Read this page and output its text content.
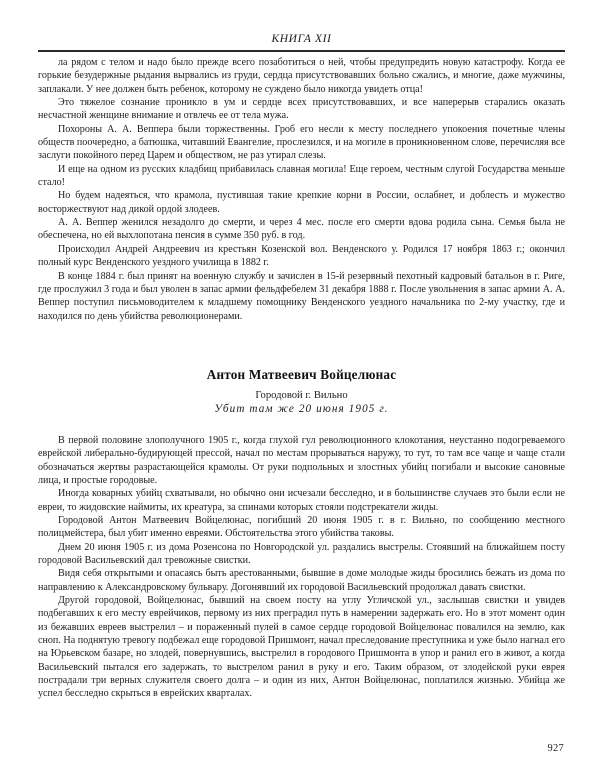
КНИГА XII

ла рядом с телом и надо было прежде всего позаботиться о ней, чтобы предупредить новую катастрофу. Когда ее горькие безудержные рыдания вырвались из груди, сердца присутствовавших больно сжались, и многие, даже мужчины, заплакали. У нее должен быть ребенок, которому не суждено было никогда увидеть отца!

Это тяжелое сознание проникло в ум и сердце всех присутствовавших, и все наперерыв старались оказать несчастной женщине внимание и отвлечь ее от тела мужа.

Похороны А. А. Веппера были торжественны. Гроб его несли к месту последнего упокоения почетные члены обществ поочередно, а батюшка, читавший Евангелие, прослезился, и на могиле в проникновенном слове, перечисляя все заслуги покойного перед Царем и обществом, не раз утирал слезы.

И еще на одном из русских кладбищ прибавилась славная могила! Еще героем, честным слугой Государства меньше стало!

Но будем надеяться, что крамола, пустившая такие крепкие корни в России, ослабнет, и доблесть и мужество восторжествуют над дикой ордой злодеев.

А. А. Веппер женился незадолго до смерти, и через 4 мес. после его смерти вдова родила сына. Семья была не обеспечена, но ей выхлопотана пенсия в сумме 350 руб. в год.

Происходил Андрей Андреевич из крестьян Козенской вол. Венденского у. Родился 17 ноября 1863 г.; окончил полный курс Венденского уездного училища в 1882 г.

В конце 1884 г. был принят на военную службу и зачислен в 15-й резервный пехотный кадровый батальон в г. Риге, где прослужил 3 года и был уволен в запас армии фельдфебелем 31 декабря 1888 г. После увольнения в запас армии А. А. Веппер поступил письмоводителем к младшему помощнику Венденского уездного начальника по 2-му участку, где и находился по день убийства революционерами.

Антон Матвеевич Войцелюнас
Городовой г. Вильно
Убит там же 20 июня 1905 г.

В первой половине злополучного 1905 г., когда глухой гул революционного клокотания, неустанно подогреваемого еврейской либерально-будирующей прессой, начал по местам прорываться наружу, то тут, то там все чаще и чаще стали обозначаться жертвы разрастающейся крамолы. От руки подпольных и злостных убийц погибали и высокие сановные лица, и простые городовые.

Иногда коварных убийц схватывали, но обычно они исчезали бесследно, и в большинстве случаев это были если не евреи, то жидовские наймиты, их креатура, за спинами которых стояли подстрекатели жиды.

Городовой Антон Матвеевич Войцелюнас, погибший 20 июня 1905 г. в г. Вильно, по сообщению местного полицмейстера, был убит именно евреями. Обстоятельства этого убийства таковы.

Днем 20 июня 1905 г. из дома Розенсона по Новгородской ул. раздались выстрелы. Стоявший на ближайшем посту городовой Васильевский дал тревожные свистки.

Видя себя открытыми и опасаясь быть арестованными, бывшие в доме молодые жиды бросились бежать из дома по направлению к Александровскому бульвару. Догонявший их городовой Васильевский продолжал давать свистки.

Другой городовой, Войцелюнас, бывший на своем посту на углу Угличской ул., заслышав свистки и увидев подбегавших к его месту еврейчиков, первому из них преградил путь в намерении задержать его. Но в этот момент один из бежавших евреев выстрелил – и пораженный пулей в самое сердце городовой Войцелюнас повалился на землю, как сноп. На поднятую тревогу подбежал еще городовой Пришмонт, начал преследование преступника и уже было нагнал его на Юрьевском базаре, но злодей, повернувшись, выстрелил в городового Пришмонта в упор и ранил его в живот, а когда Васильевский пытался его задержать, то выстрелом ранил в руку и его. Таким образом, от злодейской руки еврея пострадали три верных служителя своего долга – и один из них, Антон Войцелюнас, поплатился жизнью. Убийца же успел бесследно скрыться в еврейских кварталах.

927
